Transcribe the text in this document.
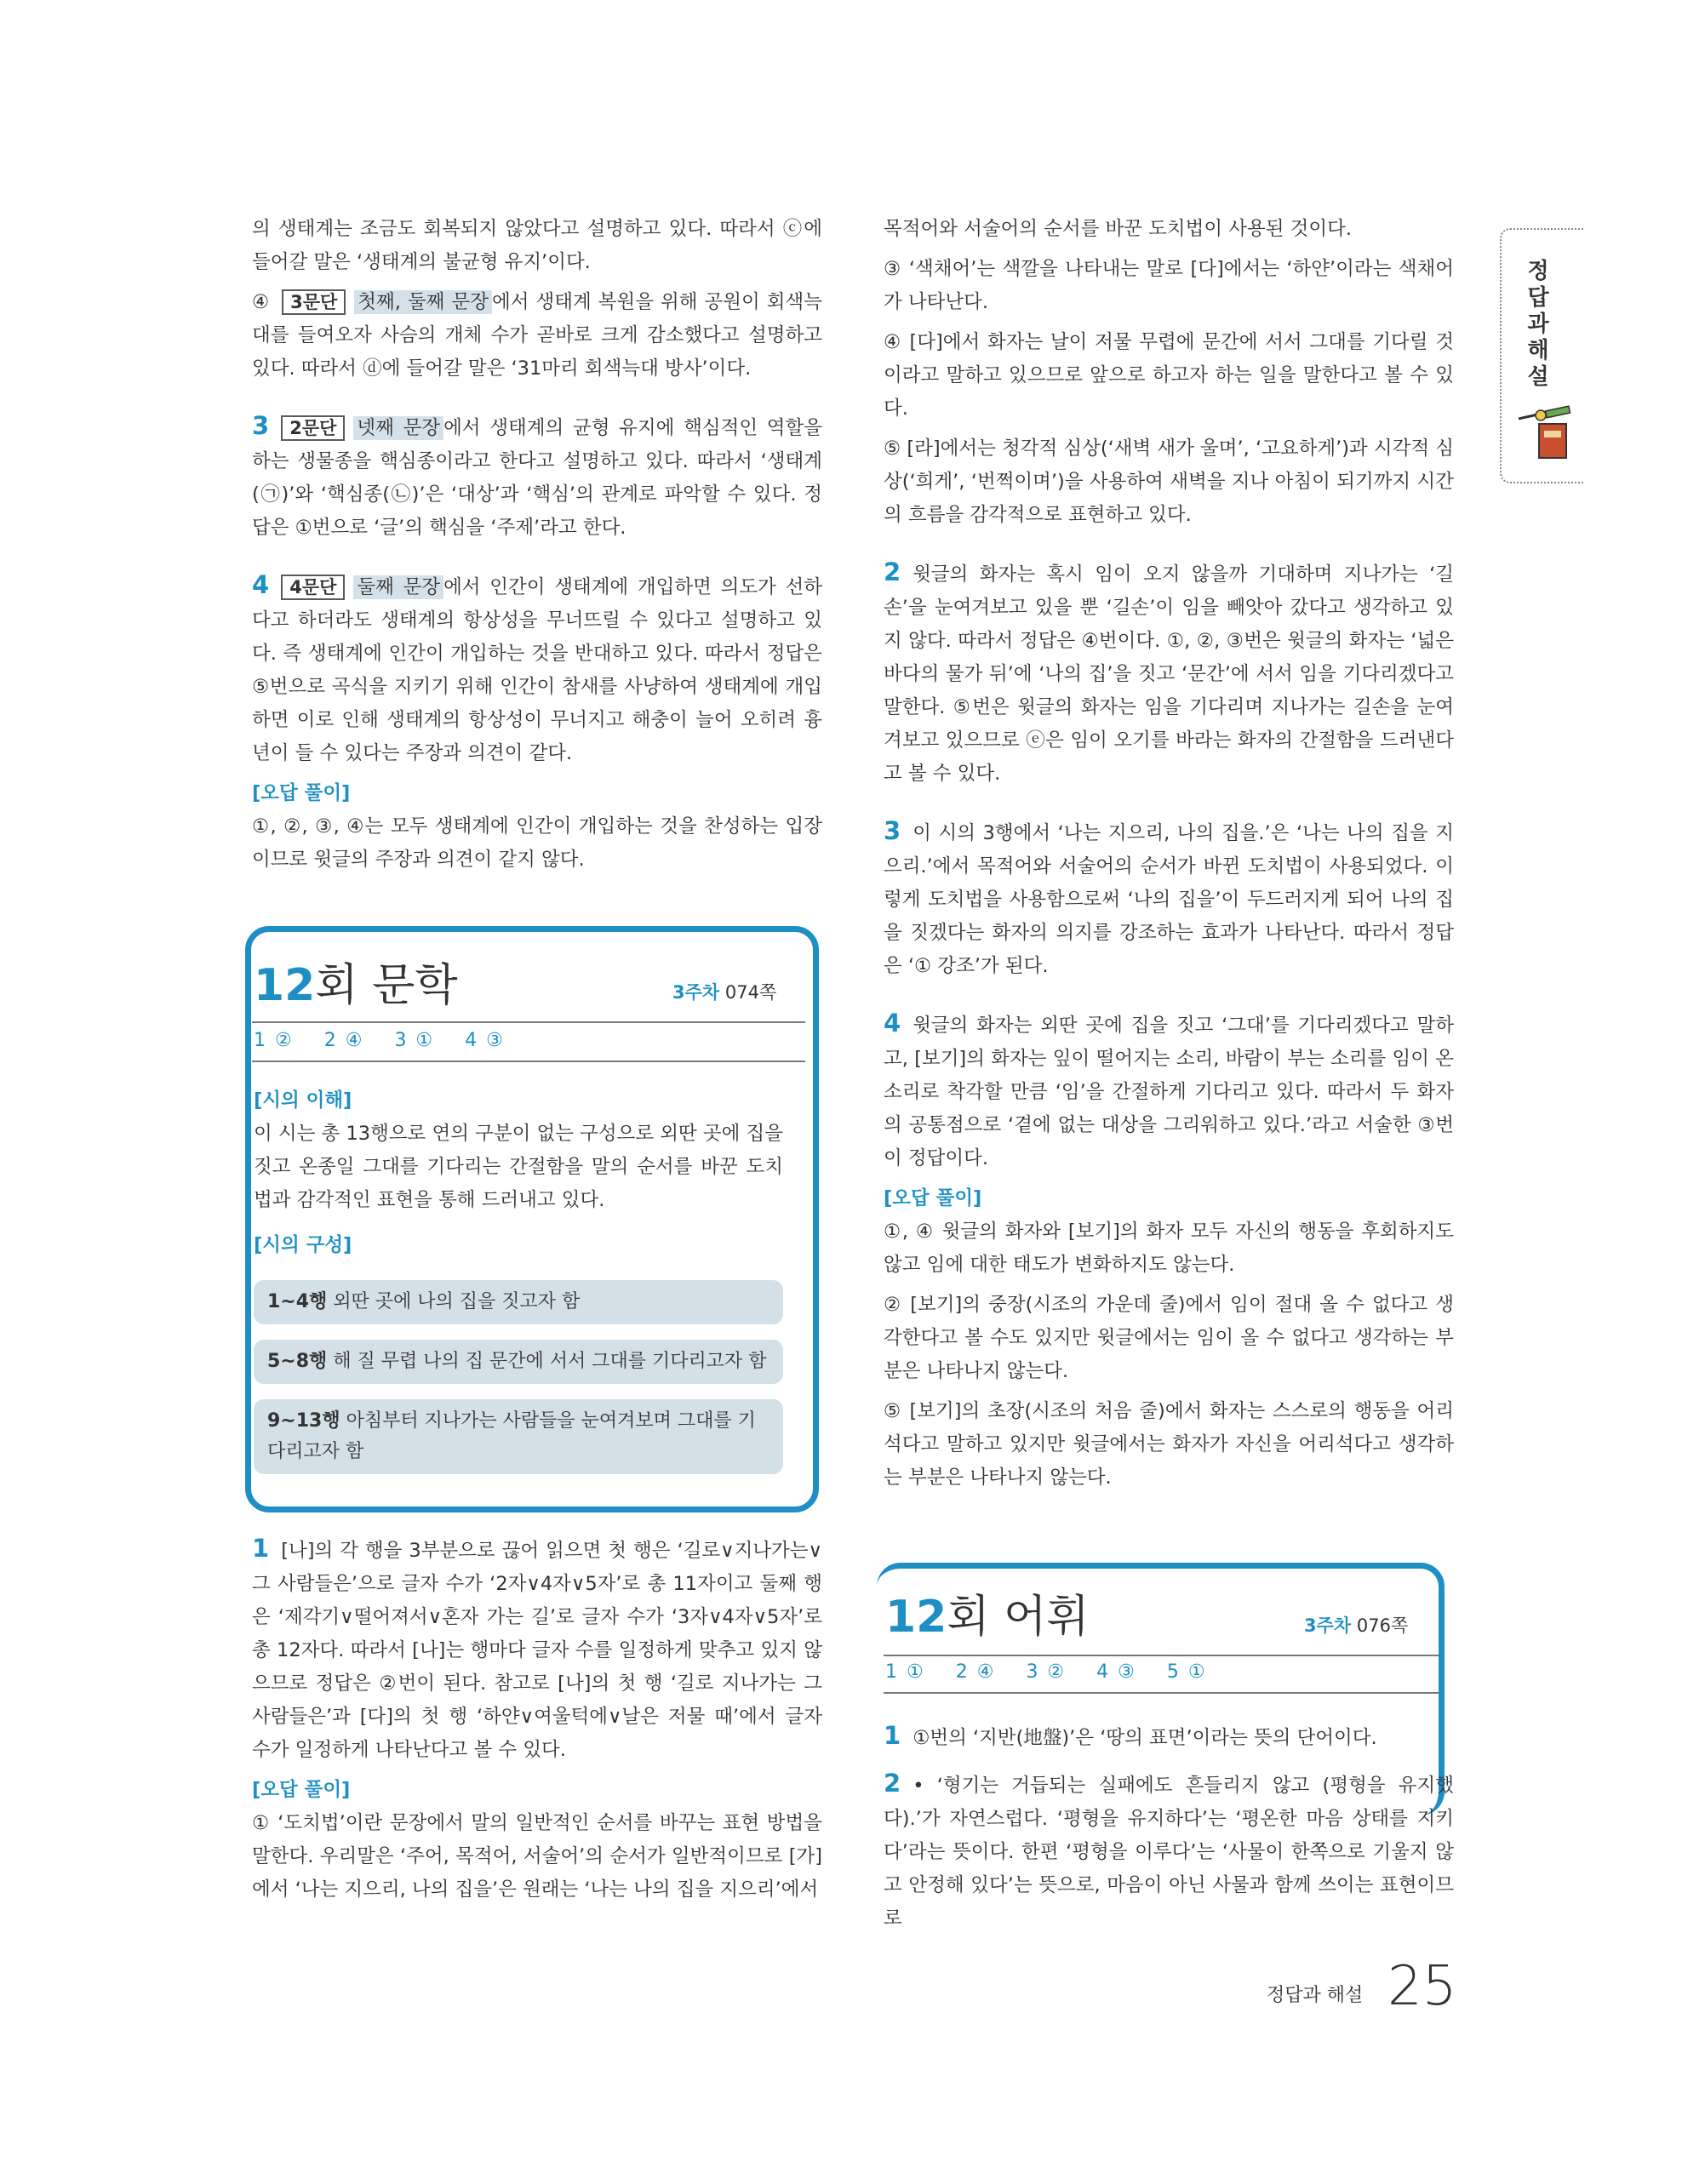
정답과 해설

의 생태계는 조금도 회복되지 않았다고 설명하고 있다. 따라서 ⓒ에 들어갈 말은 ‘생태계의 불균형 유지’이다.

④ 3문단 첫째, 둘째 문장 에서 생태계 복원을 위해 공원이 회색늑대를 들여오자 사슴의 개체 수가 곧바로 크게 감소했다고 설명하고 있다. 따라서 ⓓ에 들어갈 말은 ‘31마리 회색늑대 방사’이다.

3 2문단 넷째 문장 에서 생태계의 균형 유지에 핵심적인 역할을 하는 생물종을 핵심종이라고 한다고 설명하고 있다. 따라서 ‘생태계(㉠)’와 ‘핵심종(㉡)’은 ‘대상’과 ‘핵심’의 관계로 파악할 수 있다. 정답은 ①번으로 ‘글’의 핵심을 ‘주제’라고 한다.

4 4문단 둘째 문장 에서 인간이 생태계에 개입하면 의도가 선하다고 하더라도 생태계의 항상성을 무너뜨릴 수 있다고 설명하고 있다. 즉 생태계에 인간이 개입하는 것을 반대하고 있다. 따라서 정답은 ⑤번으로 곡식을 지키기 위해 인간이 참새를 사냥하여 생태계에 개입하면 이로 인해 생태계의 항상성이 무너지고 해충이 늘어 오히려 흉년이 들 수 있다는 주장과 의견이 같다.

[오답 풀이]

①, ②, ③, ④는 모두 생태계에 인간이 개입하는 것을 찬성하는 입장이므로 윗글의 주장과 의견이 같지 않다.

12회 문학	3주차 074쪽
1 ② 2 ④ 3 ① 4 ③
[시의 이해]

이 시는 총 13행으로 연의 구분이 없는 구성으로 외딴 곳에 집을 짓고 온종일 그대를 기다리는 간절함을 말의 순서를 바꾼 도치법과 감각적인 표현을 통해 드러내고 있다.

[시의 구성]
1~4행 외딴 곳에 나의 집을 짓고자 함
5~8행 해 질 무렵 나의 집 문간에 서서 그대를 기다리고자 함
9~13행 아침부터 지나가는 사람들을 눈여겨보며 그대를 기다리고자 함

1 [나]의 각 행을 3부분으로 끊어 읽으면 첫 행은 ‘길로∨지나가는∨그 사람들은’으로 글자 수가 ‘2자∨4자∨5자’로 총 11자이고 둘째 행은 ‘제각기∨떨어져서∨혼자 가는 길’로 글자 수가 ‘3자∨4자∨5자’로 총 12자다. 따라서 [나]는 행마다 글자 수를 일정하게 맞추고 있지 않으므로 정답은 ②번이 된다. 참고로 [나]의 첫 행 ‘길로 지나가는 그 사람들은’과 [다]의 첫 행 ‘하얀∨여울턱에∨날은 저물 때’에서 글자 수가 일정하게 나타난다고 볼 수 있다.

[오답 풀이]

① ‘도치법’이란 문장에서 말의 일반적인 순서를 바꾸는 표현 방법을 말한다. 우리말은 ‘주어, 목적어, 서술어’의 순서가 일반적이므로 [가]에서 ‘나는 지으리, 나의 집을’은 원래는 ‘나는 나의 집을 지으리’에서

목적어와 서술어의 순서를 바꾼 도치법이 사용된 것이다.

③ ‘색채어’는 색깔을 나타내는 말로 [다]에서는 ‘하얀’이라는 색채어가 나타난다.

④ [다]에서 화자는 날이 저물 무렵에 문간에 서서 그대를 기다릴 것이라고 말하고 있으므로 앞으로 하고자 하는 일을 말한다고 볼 수 있다.

⑤ [라]에서는 청각적 심상(‘새벽 새가 울며’, ‘고요하게’)과 시각적 심상(‘희게’, ‘번쩍이며’)을 사용하여 새벽을 지나 아침이 되기까지 시간의 흐름을 감각적으로 표현하고 있다.

2 윗글의 화자는 혹시 임이 오지 않을까 기대하며 지나가는 ‘길손’을 눈여겨보고 있을 뿐 ‘길손’이 임을 빼앗아 갔다고 생각하고 있지 않다. 따라서 정답은 ④번이다. ①, ②, ③번은 윗글의 화자는 ‘넓은 바다의 물가 뒤’에 ‘나의 집’을 짓고 ‘문간’에 서서 임을 기다리겠다고 말한다. ⑤번은 윗글의 화자는 임을 기다리며 지나가는 길손을 눈여겨보고 있으므로 ⓔ은 임이 오기를 바라는 화자의 간절함을 드러낸다고 볼 수 있다.

3 이 시의 3행에서 ‘나는 지으리, 나의 집을.’은 ‘나는 나의 집을 지으리.’에서 목적어와 서술어의 순서가 바뀐 도치법이 사용되었다. 이렇게 도치법을 사용함으로써 ‘나의 집을’이 두드러지게 되어 나의 집을 짓겠다는 화자의 의지를 강조하는 효과가 나타난다. 따라서 정답은 ‘① 강조’가 된다.

4 윗글의 화자는 외딴 곳에 집을 짓고 ‘그대’를 기다리겠다고 말하고, [보기]의 화자는 잎이 떨어지는 소리, 바람이 부는 소리를 임이 온 소리로 착각할 만큼 ‘임’을 간절하게 기다리고 있다. 따라서 두 화자의 공통점으로 ‘곁에 없는 대상을 그리워하고 있다.’라고 서술한 ③번이 정답이다.

[오답 풀이]

①, ④ 윗글의 화자와 [보기]의 화자 모두 자신의 행동을 후회하지도 않고 임에 대한 태도가 변화하지도 않는다.

② [보기]의 중장(시조의 가운데 줄)에서 임이 절대 올 수 없다고 생각한다고 볼 수도 있지만 윗글에서는 임이 올 수 없다고 생각하는 부분은 나타나지 않는다.

⑤ [보기]의 초장(시조의 처음 줄)에서 화자는 스스로의 행동을 어리석다고 말하고 있지만 윗글에서는 화자가 자신을 어리석다고 생각하는 부분은 나타나지 않는다.

12회 어휘	3주차 076쪽
1 ① 2 ④ 3 ② 4 ③ 5 ①

1 ①번의 ‘지반(地盤)’은 ‘땅의 표면’이라는 뜻의 단어이다.

2 • ‘형기는 거듭되는 실패에도 흔들리지 않고 (평형을 유지했다).’가 자연스럽다. ‘평형을 유지하다’는 ‘평온한 마음 상태를 지키다’라는 뜻이다. 한편 ‘평형을 이루다’는 ‘사물이 한쪽으로 기울지 않고 안정해 있다’는 뜻으로, 마음이 아닌 사물과 함께 쓰이는 표현이므로

정답과 해설 25
